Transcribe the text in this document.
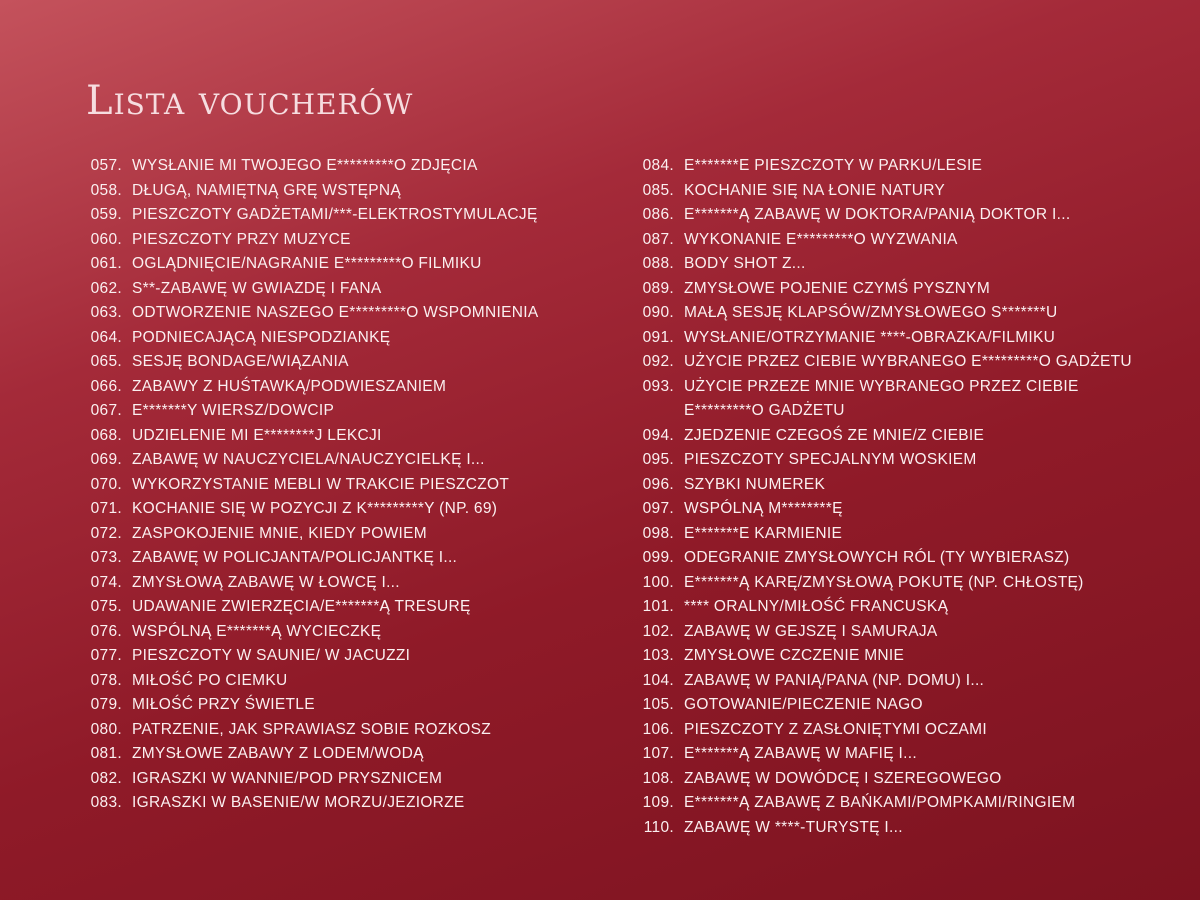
Lista voucherów
057. WYSŁANIE MI TWOJEGO E*********O ZDJĘCIA
058. DŁUGĄ, NAMIĘTNĄ GRĘ WSTĘPNĄ
059. PIESZCZOTY GADŻETAMI/***-ELEKTROSTYMULACJĘ
060. PIESZCZOTY PRZY MUZYCE
061. OGLĄDNIĘCIE/NAGRANIE E*********O FILMIKU
062. S**-ZABAWĘ W GWIAZDĘ I FANA
063. ODTWORZENIE NASZEGO E*********O WSPOMNIENIA
064. PODNIECAJĄCĄ NIESPODZIANKĘ
065. SESJĘ BONDAGE/WIĄZANIA
066. ZABAWY Z HUŚTAWKĄ/PODWIESZANIEM
067. E*******Y WIERSZ/DOWCIP
068. UDZIELENIE MI E********J LEKCJI
069. ZABAWĘ W NAUCZYCIELA/NAUCZYCIELKĘ I...
070. WYKORZYSTANIE MEBLI W TRAKCIE PIESZCZOT
071. KOCHANIE SIĘ W POZYCJI Z K*********Y (NP. 69)
072. ZASPOKOJENIE MNIE, KIEDY POWIEM
073. ZABAWĘ W POLICJANTA/POLICJANTKĘ I...
074. ZMYSŁOWĄ ZABAWĘ W ŁOWCĘ I...
075. UDAWANIE ZWIERZĘCIA/E*******Ą TRESURĘ
076. WSPÓLNĄ E*******Ą WYCIECZKĘ
077. PIESZCZOTY W SAUNIE/ W JACUZZI
078. MIŁOŚĆ PO CIEMKU
079. MIŁOŚĆ PRZY ŚWIETLE
080. PATRZENIE, JAK SPRAWIASZ SOBIE ROZKOSZ
081. ZMYSŁOWE ZABAWY Z LODEM/WODĄ
082. IGRASZKI W WANNIE/POD PRYSZNICEM
083. IGRASZKI W BASENIE/W MORZU/JEZIORZE
084. E*******E PIESZCZOTY W PARKU/LESIE
085. KOCHANIE SIĘ NA ŁONIE NATURY
086. E*******Ą ZABAWĘ W DOKTORA/PANIĄ DOKTOR I...
087. WYKONANIE E*********O WYZWANIA
088. BODY SHOT Z...
089. ZMYSŁOWE POJENIE CZYMŚ PYSZNYM
090. MAŁĄ SESJĘ KLAPSÓW/ZMYSŁOWEGO S*******U
091. WYSŁANIE/OTRZYMANIE ****-OBRAZKA/FILMIKU
092. UŻYCIE PRZEZ CIEBIE WYBRANEGO E*********O GADŻETU
093. UŻYCIE PRZEZE MNIE WYBRANEGO PRZEZ CIEBIE
E*********O GADŻETU
094. ZJEDZENIE CZEGOŚ ZE MNIE/Z CIEBIE
095. PIESZCZOTY SPECJALNYM WOSKIEM
096. SZYBKI NUMEREK
097. WSPÓLNĄ M********Ę
098. E*******E KARMIENIE
099. ODEGRANIE ZMYSŁOWYCH RÓL (TY WYBIERASZ)
100. E*******Ą KARĘ/ZMYSŁOWĄ POKUTĘ (NP. CHŁOSTĘ)
101. **** ORALNY/MIŁOŚĆ FRANCUSKĄ
102. ZABAWĘ W GEJSZĘ I SAMURAJA
103. ZMYSŁOWE CZCZENIE MNIE
104. ZABAWĘ W PANIĄ/PANA (NP. DOMU) I...
105. GOTOWANIE/PIECZENIE NAGO
106. PIESZCZOTY Z ZASŁONIĘTYMI OCZAMI
107. E*******Ą ZABAWĘ W MAFIĘ I...
108. ZABAWĘ W DOWÓDCĘ I SZEREGOWEGO
109. E*******Ą ZABAWĘ Z BAŃKAMI/POMPKAMI/RINGIEM
110. ZABAWĘ W ****-TURYSTĘ I...
